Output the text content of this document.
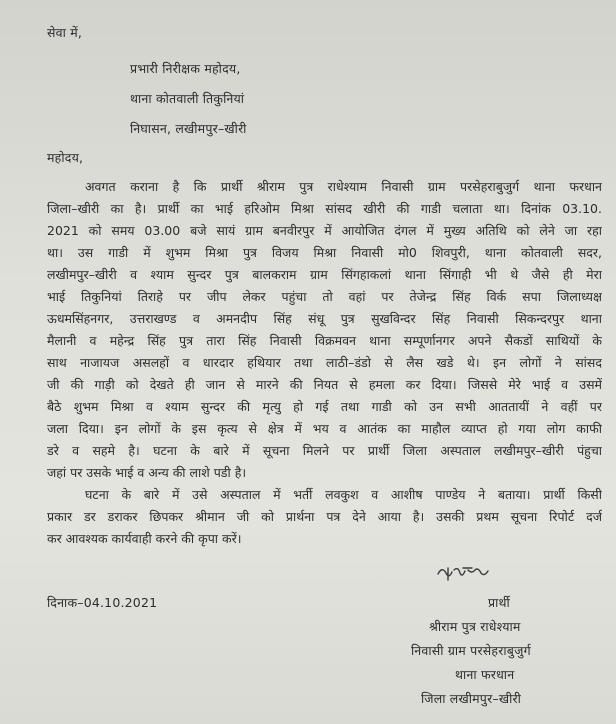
सेवा में,
प्रभारी निरीक्षक महोदय,
थाना कोतवाली तिकुनियां
निघासन, लखीमपुर–खीरी
महोदय,
अवगत कराना है कि प्रार्थी श्रीराम पुत्र राधेश्याम निवासी ग्राम परसेहराबुजुर्ग थाना फरधान
जिला–खीरी का है। प्रार्थी का भाई हरिओम मिश्रा सांसद खीरी की गाडी चलाता था। दिनांक 03.10.
2021 को समय 03.00 बजे सायं ग्राम बनवीरपुर में आयोजित दंगल में मुख्य अतिथि को लेने जा रहा
था। उस गाडी में शुभम मिश्रा पुत्र विजय मिश्रा निवासी मो0 शिवपुरी, थाना कोतवाली सदर,
लखीमपुर–खीरी व श्याम सुन्दर पुत्र बालकराम ग्राम सिंगहाकलां थाना सिंगाही भी थे जैसे ही मेरा
भाई तिकुनियां तिराहे पर जीप लेकर पहुंचा तो वहां पर तेजेन्द्र सिंह विर्क सपा जिलाध्यक्ष
ऊधमसिंहनगर, उत्तराखण्ड व अमनदीप सिंह संधू पुत्र सुखविन्दर सिंह निवासी सिकन्दरपुर थाना
मैलानी व महेन्द्र सिंह पुत्र तारा सिंह निवासी विक्रमवन थाना सम्पूर्णानगर अपने सैकडों साथियों के
साथ नाजायज असलहों व धारदार हथियार तथा लाठी–डंडो से लैस खडे थे। इन लोगों ने सांसद
जी की गाड़ी को देखते ही जान से मारने की नियत से हमला कर दिया। जिससे मेरे भाई व उसमें
बैठे शुभम मिश्रा व श्याम सुन्दर की मृत्यु हो गई तथा गाडी को उन सभी आततायीं ने वहीं पर
जला दिया। इन लोगों के इस कृत्य से क्षेत्र में भय व आतंक का माहौल व्याप्त हो गया लोग काफी
डरे व सहमे है। घटना के बारे में सूचना मिलने पर प्रार्थी जिला अस्पताल लखीमपुर–खीरी पंहुचा
जहां पर उसके भाई व अन्य की लाशे पडी है।
घटना के बारे में उसे अस्पताल में भर्ती लवकुश व आशीष पाण्डेय ने बताया। प्रार्थी किसी
प्रकार डर डराकर छिपकर श्रीमान जी को प्रार्थना पत्र देने आया है। उसकी प्रथम सूचना रिपोर्ट दर्ज
कर आवश्यक कार्यवाही करने की कृपा करें।
दिनाक–04.10.2021	प्रार्थी
श्रीराम पुत्र राधेश्याम
निवासी ग्राम परसेहराबुजुर्ग
थाना फरधान
जिला लखीमपुर–खीरी
